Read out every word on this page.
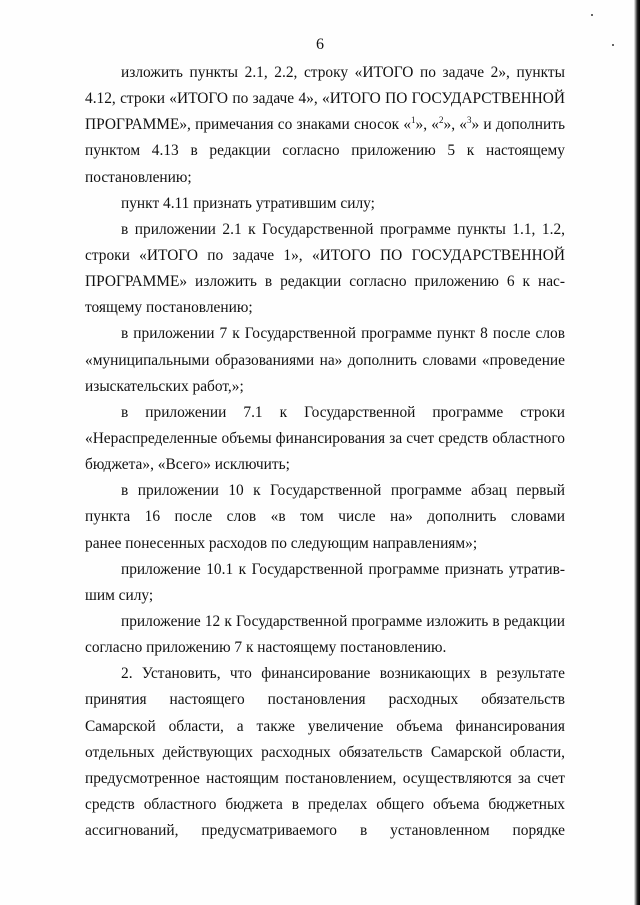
6
изложить пункты 2.1, 2.2, строку «ИТОГО по задаче 2», пункты
4.12, строки «ИТОГО по задаче 4», «ИТОГО ПО ГОСУДАРСТВЕННОЙ
ПРОГРАММЕ», примечания со знаками сносок «$^1$», «$^2$», «$^3$» и дополнить
пунктом 4.13 в редакции согласно приложению 5 к настоящему
постановлению;
пункт 4.11 признать утратившим силу;
в приложении 2.1 к Государственной программе пункты 1.1, 1.2,
строки «ИТОГО по задаче 1», «ИТОГО ПО ГОСУДАРСТВЕННОЙ
ПРОГРАММЕ» изложить в редакции согласно приложению 6 к нас-
тоящему постановлению;
в приложении 7 к Государственной программе пункт 8 после слов
«муниципальными образованиями на» дополнить словами «проведение
изыскательских работ,»;
в приложении 7.1 к Государственной программе строки
«Нераспределенные объемы финансирования за счет средств областного
бюджета», «Всего» исключить;
в приложении 10 к Государственной программе абзац первый
пункта 16 после слов «в том числе на» дополнить словами
ранее понесенных расходов по следующим направлениям»;
приложение 10.1 к Государственной программе признать утратив-
шим силу;
приложение 12 к Государственной программе изложить в редакции
согласно приложению 7 к настоящему постановлению.
2. Установить, что финансирование возникающих в результате
принятия настоящего постановления расходных обязательств
Самарской области, а также увеличение объема финансирования
отдельных действующих расходных обязательств Самарской области,
предусмотренное настоящим постановлением, осуществляются за счет
средств областного бюджета в пределах общего объема бюджетных
ассигнований, предусматриваемого в установленном порядке
